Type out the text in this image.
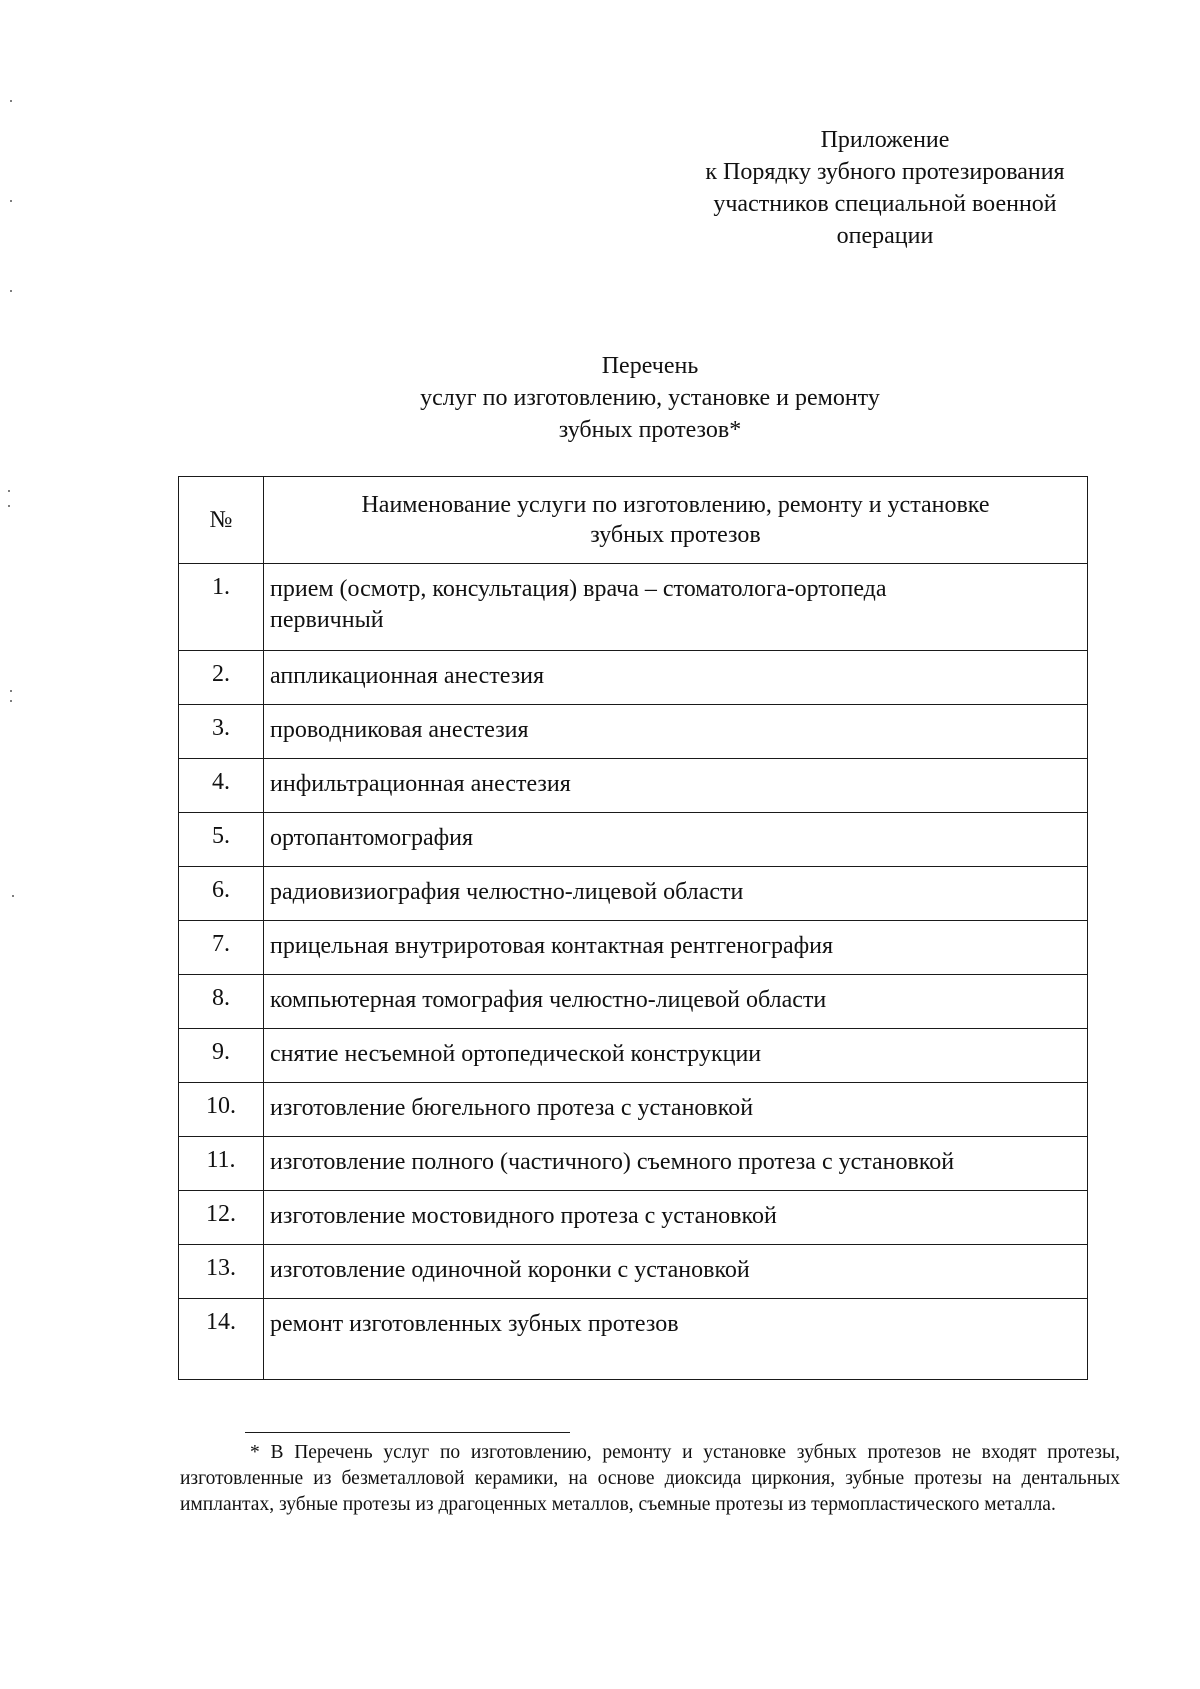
Приложение
к Порядку зубного протезирования
участников специальной военной
операции
Перечень
услуг по изготовлению, установке и ремонту
зубных протезов*
№	Наименование услуги по изготовлению, ремонту и установке
зубных протезов

1.	прием (осмотр, консультация) врача – стоматолога-ортопеда
первичный

2.	аппликационная анестезия
3.	проводниковая анестезия
4.	инфильтрационная анестезия
5.	ортопантомография
6.	радиовизиография челюстно-лицевой области
7.	прицельная внутриротовая контактная рентгенография
8.	компьютерная томография челюстно-лицевой области
9.	снятие несъемной ортопедической конструкции
10.	изготовление бюгельного протеза с установкой
11.	изготовление полного (частичного) съемного протеза с установкой
12.	изготовление мостовидного протеза с установкой
13.	изготовление одиночной коронки с установкой
14.	ремонт изготовленных зубных протезов
* В Перечень услуг по изготовлению, ремонту и установке зубных протезов не входят протезы, изготовленные из безметалловой керамики, на основе диоксида циркония, зубные протезы на дентальных имплантах, зубные протезы из драгоценных металлов, съемные протезы из термопластического металла.
